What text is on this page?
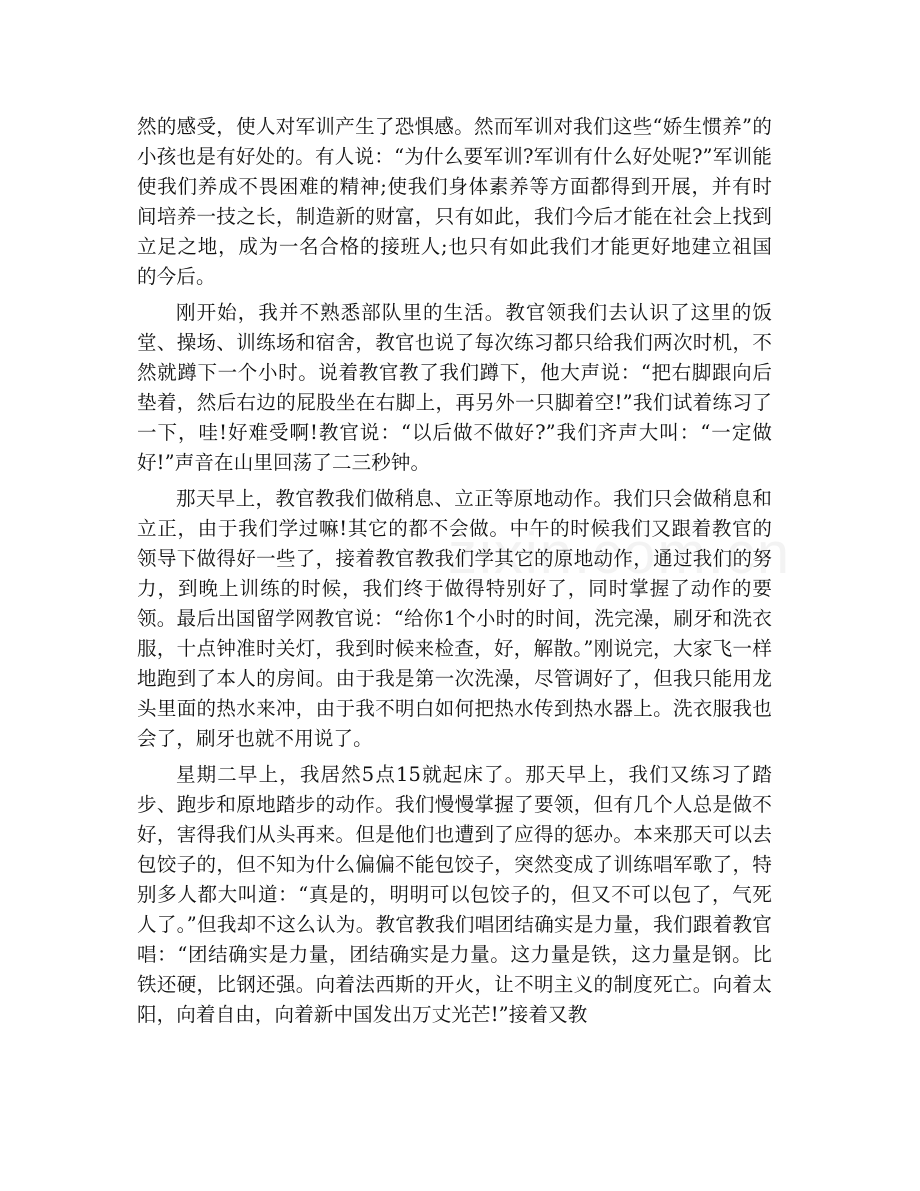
然的感受，使人对军训产生了恐惧感。然而军训对我们这些“娇生惯养”的小孩也是有好处的。有人说：“为什么要军训?军训有什么好处呢?”军训能使我们养成不畏困难的精神;使我们身体素养等方面都得到开展，并有时间培养一技之长，制造新的财富，只有如此，我们今后才能在社会上找到立足之地，成为一名合格的接班人;也只有如此我们才能更好地建立祖国的今后。

刚开始，我并不熟悉部队里的生活。教官领我们去认识了这里的饭堂、操场、训练场和宿舍，教官也说了每次练习都只给我们两次时机，不然就蹲下一个小时。说着教官教了我们蹲下，他大声说：“把右脚跟向后垫着，然后右边的屁股坐在右脚上，再另外一只脚着空!”我们试着练习了一下，哇!好难受啊!教官说：“以后做不做好?”我们齐声大叫：“一定做好!”声音在山里回荡了二三秒钟。

那天早上，教官教我们做稍息、立正等原地动作。我们只会做稍息和立正，由于我们学过嘛!其它的都不会做。中午的时候我们又跟着教官的领导下做得好一些了，接着教官教我们学其它的原地动作，通过我们的努力，到晚上训练的时候，我们终于做得特别好了，同时掌握了动作的要领。最后出国留学网教官说：“给你1个小时的时间，洗完澡，刷牙和洗衣服，十点钟准时关灯，我到时候来检查，好，解散。”刚说完，大家飞一样地跑到了本人的房间。由于我是第一次洗澡，尽管调好了，但我只能用龙头里面的热水来冲，由于我不明白如何把热水传到热水器上。洗衣服我也会了，刷牙也就不用说了。

星期二早上，我居然5点15就起床了。那天早上，我们又练习了踏步、跑步和原地踏步的动作。我们慢慢掌握了要领，但有几个人总是做不好，害得我们从头再来。但是他们也遭到了应得的惩办。本来那天可以去包饺子的，但不知为什么偏偏不能包饺子，突然变成了训练唱军歌了，特别多人都大叫道：“真是的，明明可以包饺子的，但又不可以包了，气死人了。”但我却不这么认为。教官教我们唱团结确实是力量，我们跟着教官唱：“团结确实是力量，团结确实是力量。这力量是铁，这力量是钢。比铁还硬，比钢还强。向着法西斯的开火，让不明主义的制度死亡。向着太阳，向着自由，向着新中国发出万丈光芒!”接着又教
